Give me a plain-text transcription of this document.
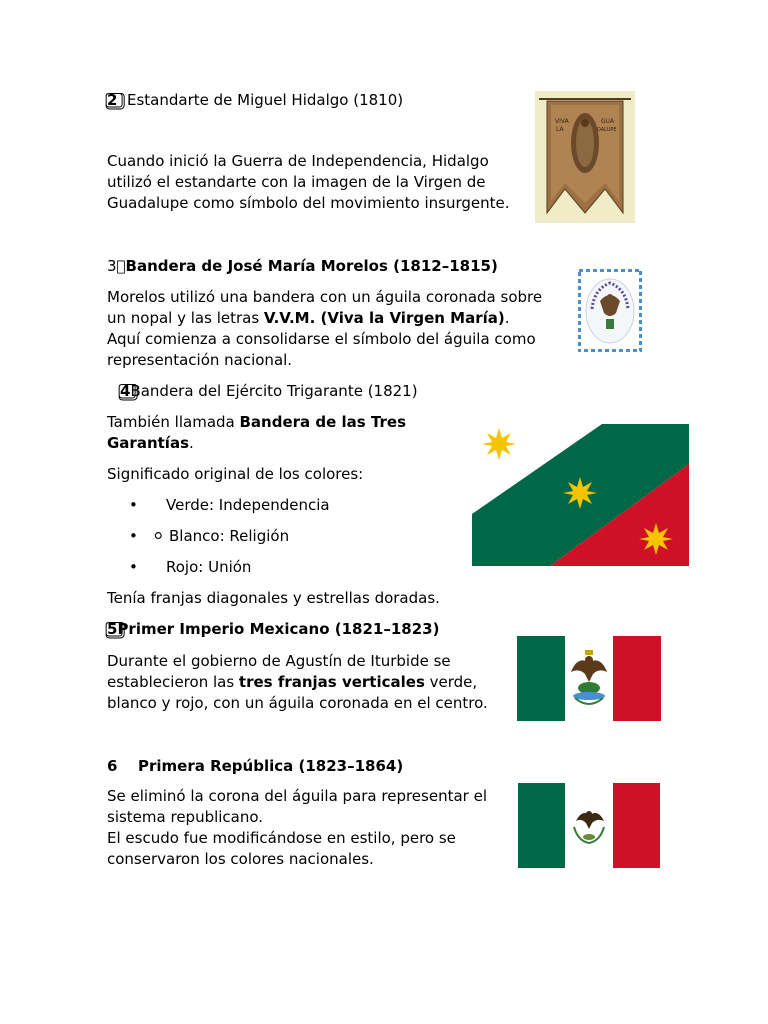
2 Estandarte de Miguel Hidalgo (1810)
Cuando inició la Guerra de Independencia, Hidalgo utilizó el estandarte con la imagen de la Virgen de Guadalupe como símbolo del movimiento insurgente.
VIVA
LA
GUA
DALUPE
3Bandera de José María Morelos (1812–1815)
Morelos utilizó una bandera con un águila coronada sobre un nopal y las letras V.V.M. (Viva la Virgen María). Aquí comienza a consolidarse el símbolo del águila como representación nacional.
4Bandera del Ejército Trigarante (1821)
También llamada Bandera de las Tres Garantías.
Significado original de los colores:
• Verde: Independencia
• ⚪ Blanco: Religión
• Rojo: Unión
Tenía franjas diagonales y estrellas doradas.
5Primer Imperio Mexicano (1821–1823)
Durante el gobierno de Agustín de Iturbide se establecieron las tres franjas verticales verde, blanco y rojo, con un águila coronada en el centro.
6 Primera República (1823–1864)
Se eliminó la corona del águila para representar el sistema republicano.
El escudo fue modificándose en estilo, pero se conservaron los colores nacionales.
